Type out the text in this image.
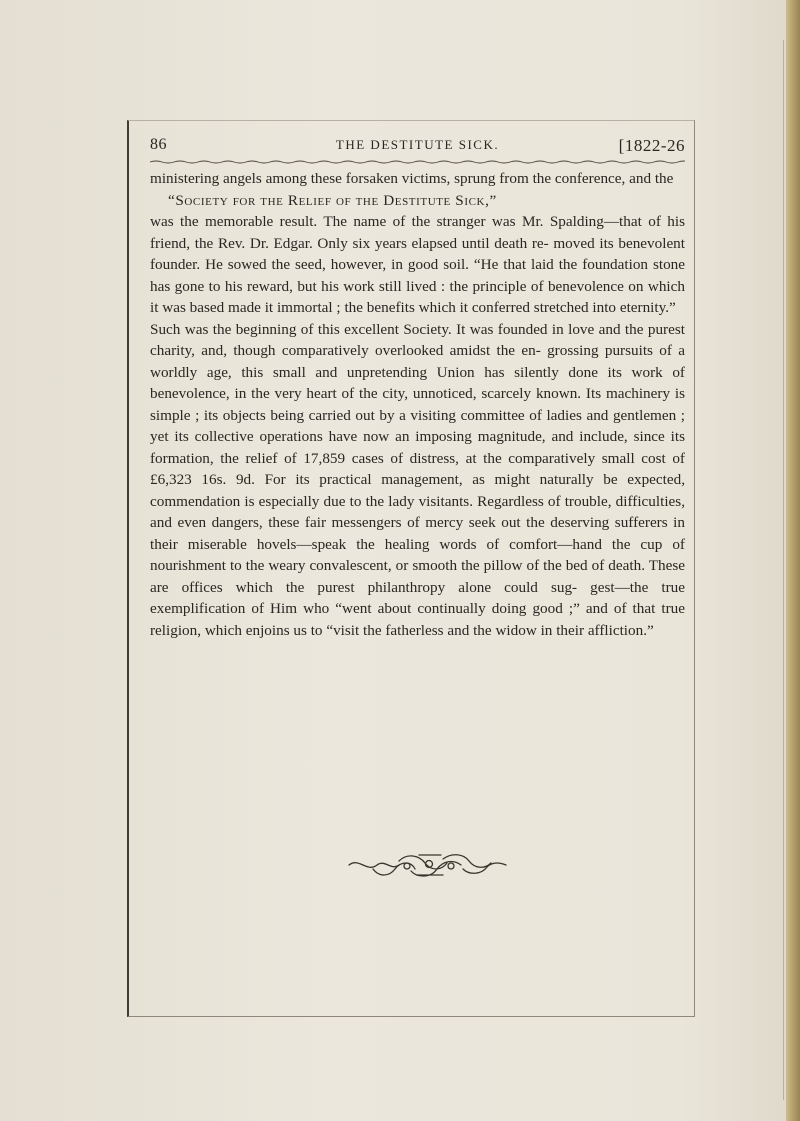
86	THE DESTITUTE SICK.	[1822-26

ministering angels among these forsaken victims, sprung from the conference, and the

“Society for the Relief of the Destitute Sick,”

was the memorable result. The name of the stranger was Mr. Spalding—that of his friend, the Rev. Dr. Edgar. Only six years elapsed until death re- moved its benevolent founder. He sowed the seed, however, in good soil. “He that laid the foundation stone has gone to his reward, but his work still lived : the principle of benevolence on which it was based made it immortal ; the benefits which it conferred stretched into eternity.”

Such was the beginning of this excellent Society. It was founded in love and the purest charity, and, though comparatively overlooked amidst the en- grossing pursuits of a worldly age, this small and unpretending Union has silently done its work of benevolence, in the very heart of the city, unnoticed, scarcely known. Its machinery is simple ; its objects being carried out by a visiting committee of ladies and gentlemen ; yet its collective operations have now an imposing magnitude, and include, since its formation, the relief of 17,859 cases of distress, at the comparatively small cost of £6,323 16s. 9d. For its practical management, as might naturally be expected, commendation is especially due to the lady visitants. Regardless of trouble, difficulties, and even dangers, these fair messengers of mercy seek out the deserving sufferers in their miserable hovels—speak the healing words of comfort—hand the cup of nourishment to the weary convalescent, or smooth the pillow of the bed of death. These are offices which the purest philanthropy alone could sug- gest—the true exemplification of Him who “went about continually doing good ;” and of that true religion, which enjoins us to “visit the fatherless and the widow in their affliction.”
